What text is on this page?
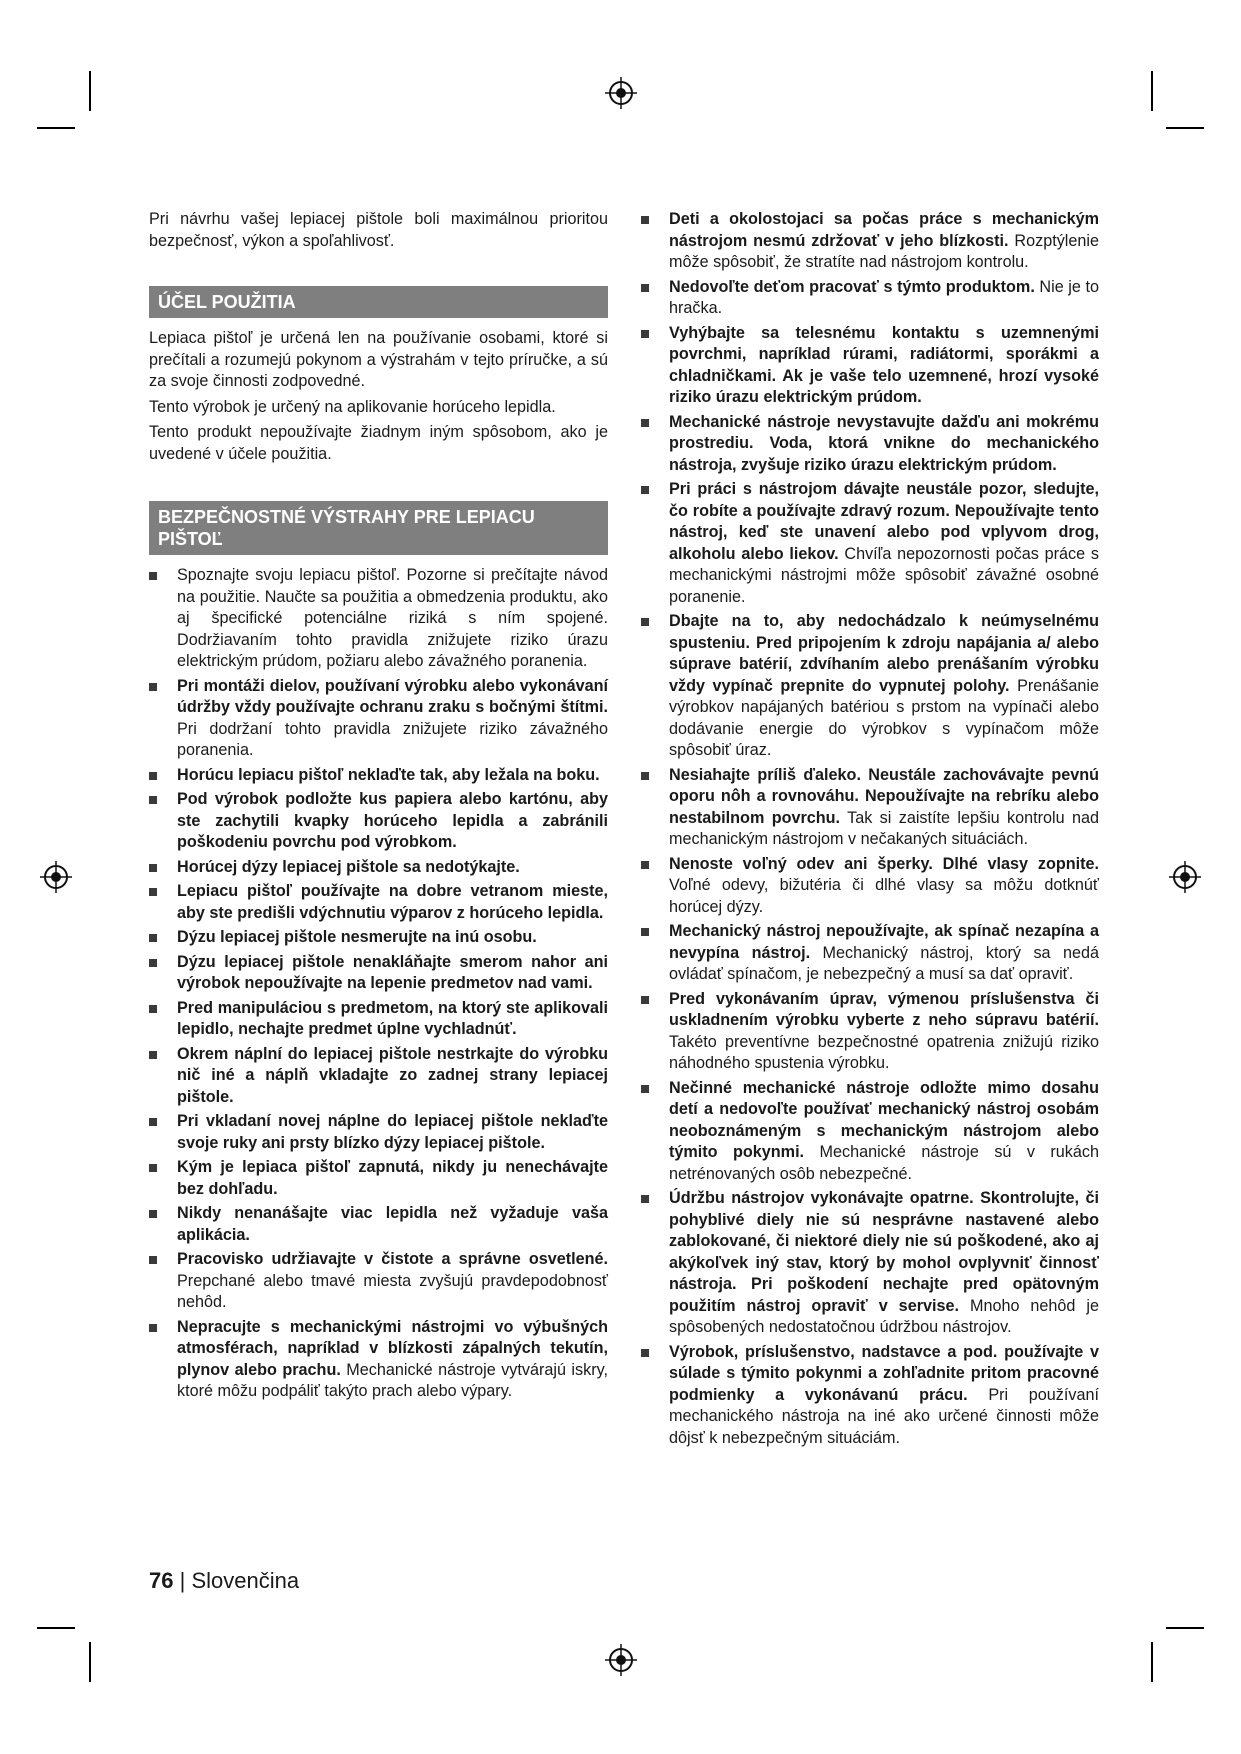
Pri návrhu vašej lepiacej pištole boli maximálnou prioritou bezpečnosť, výkon a spoľahlivosť.

ÚČEL POUŽITIA

Lepiaca pištoľ je určená len na používanie osobami, ktoré si prečítali a rozumejú pokynom a výstrahám v tejto príručke, a sú za svoje činnosti zodpovedné.

Tento výrobok je určený na aplikovanie horúceho lepidla.

Tento produkt nepoužívajte žiadnym iným spôsobom, ako je uvedené v účele použitia.

BEZPEČNOSTNÉ VÝSTRAHY PRE LEPIACU PIŠTOĽ
Spoznajte svoju lepiacu pištoľ. Pozorne si prečítajte návod na použitie. Naučte sa použitia a obmedzenia produktu, ako aj špecifické potenciálne riziká s ním spojené. Dodržiavaním tohto pravidla znižujete riziko úrazu elektrickým prúdom, požiaru alebo závažného poranenia.
Pri montáži dielov, používaní výrobku alebo vykonávaní údržby vždy používajte ochranu zraku s bočnými štítmi. Pri dodržaní tohto pravidla znižujete riziko závažného poranenia.
Horúcu lepiacu pištoľ neklaďte tak, aby ležala na boku.
Pod výrobok podložte kus papiera alebo kartónu, aby ste zachytili kvapky horúceho lepidla a zabránili poškodeniu povrchu pod výrobkom.
Horúcej dýzy lepiacej pištole sa nedotýkajte.
Lepiacu pištoľ používajte na dobre vetranom mieste, aby ste predišli vdýchnutiu výparov z horúceho lepidla.
Dýzu lepiacej pištole nesmerujte na inú osobu.
Dýzu lepiacej pištole nenakláňajte smerom nahor ani výrobok nepoužívajte na lepenie predmetov nad vami.
Pred manipuláciou s predmetom, na ktorý ste aplikovali lepidlo, nechajte predmet úplne vychladnúť.
Okrem náplní do lepiacej pištole nestrkajte do výrobku nič iné a náplň vkladajte zo zadnej strany lepiacej pištole.
Pri vkladaní novej náplne do lepiacej pištole neklaďte svoje ruky ani prsty blízko dýzy lepiacej pištole.
Kým je lepiaca pištoľ zapnutá, nikdy ju nenechávajte bez dohľadu.
Nikdy nenanášajte viac lepidla než vyžaduje vaša aplikácia.
Pracovisko udržiavajte v čistote a správne osvetlené. Prepchané alebo tmavé miesta zvyšujú pravdepodobnosť nehôd.
Nepracujte s mechanickými nástrojmi vo výbušných atmosférach, napríklad v blízkosti zápalných tekutín, plynov alebo prachu. Mechanické nástroje vytvárajú iskry, ktoré môžu podpáliť takýto prach alebo výpary.
Deti a okolostojaci sa počas práce s mechanickým nástrojom nesmú zdržovať v jeho blízkosti. Rozptýlenie môže spôsobiť, že stratíte nad nástrojom kontrolu.
Nedovoľte deťom pracovať s týmto produktom. Nie je to hračka.
Vyhýbajte sa telesnému kontaktu s uzemnenými povrchmi, napríklad rúrami, radiátormi, sporákmi a chladničkami. Ak je vaše telo uzemnené, hrozí vysoké riziko úrazu elektrickým prúdom.
Mechanické nástroje nevystavujte dažďu ani mokrému prostrediu. Voda, ktorá vnikne do mechanického nástroja, zvyšuje riziko úrazu elektrickým prúdom.
Pri práci s nástrojom dávajte neustále pozor, sledujte, čo robíte a používajte zdravý rozum. Nepoužívajte tento nástroj, keď ste unavení alebo pod vplyvom drog, alkoholu alebo liekov. Chvíľa nepozornosti počas práce s mechanickými nástrojmi môže spôsobiť závažné osobné poranenie.
Dbajte na to, aby nedochádzalo k neúmyselnému spusteniu. Pred pripojením k zdroju napájania a/ alebo súprave batérií, zdvíhaním alebo prenášaním výrobku vždy vypínač prepnite do vypnutej polohy. Prenášanie výrobkov napájaných batériou s prstom na vypínači alebo dodávanie energie do výrobkov s vypínačom môže spôsobiť úraz.
Nesiahajte príliš ďaleko. Neustále zachovávajte pevnú oporu nôh a rovnováhu. Nepoužívajte na rebríku alebo nestabilnom povrchu. Tak si zaistíte lepšiu kontrolu nad mechanickým nástrojom v nečakaných situáciách.
Nenoste voľný odev ani šperky. Dlhé vlasy zopnite. Voľné odevy, bižutéria či dlhé vlasy sa môžu dotknúť horúcej dýzy.
Mechanický nástroj nepoužívajte, ak spínač nezapína a nevypína nástroj. Mechanický nástroj, ktorý sa nedá ovládať spínačom, je nebezpečný a musí sa dať opraviť.
Pred vykonávaním úprav, výmenou príslušenstva či uskladnením výrobku vyberte z neho súpravu batérií. Takéto preventívne bezpečnostné opatrenia znižujú riziko náhodného spustenia výrobku.
Nečinné mechanické nástroje odložte mimo dosahu detí a nedovoľte používať mechanický nástroj osobám neoboznámeným s mechanickým nástrojom alebo týmito pokynmi. Mechanické nástroje sú v rukách netrénovaných osôb nebezpečné.
Údržbu nástrojov vykonávajte opatrne. Skontrolujte, či pohyblivé diely nie sú nesprávne nastavené alebo zablokované, či niektoré diely nie sú poškodené, ako aj akýkoľvek iný stav, ktorý by mohol ovplyvniť činnosť nástroja. Pri poškodení nechajte pred opätovným použitím nástroj opraviť v servise. Mnoho nehôd je spôsobených nedostatočnou údržbou nástrojov.
Výrobok, príslušenstvo, nadstavce a pod. používajte v súlade s týmito pokynmi a zohľadnite pritom pracovné podmienky a vykonávanú prácu. Pri používaní mechanického nástroja na iné ako určené činnosti môže dôjsť k nebezpečným situáciám.
76 | Slovenčina
